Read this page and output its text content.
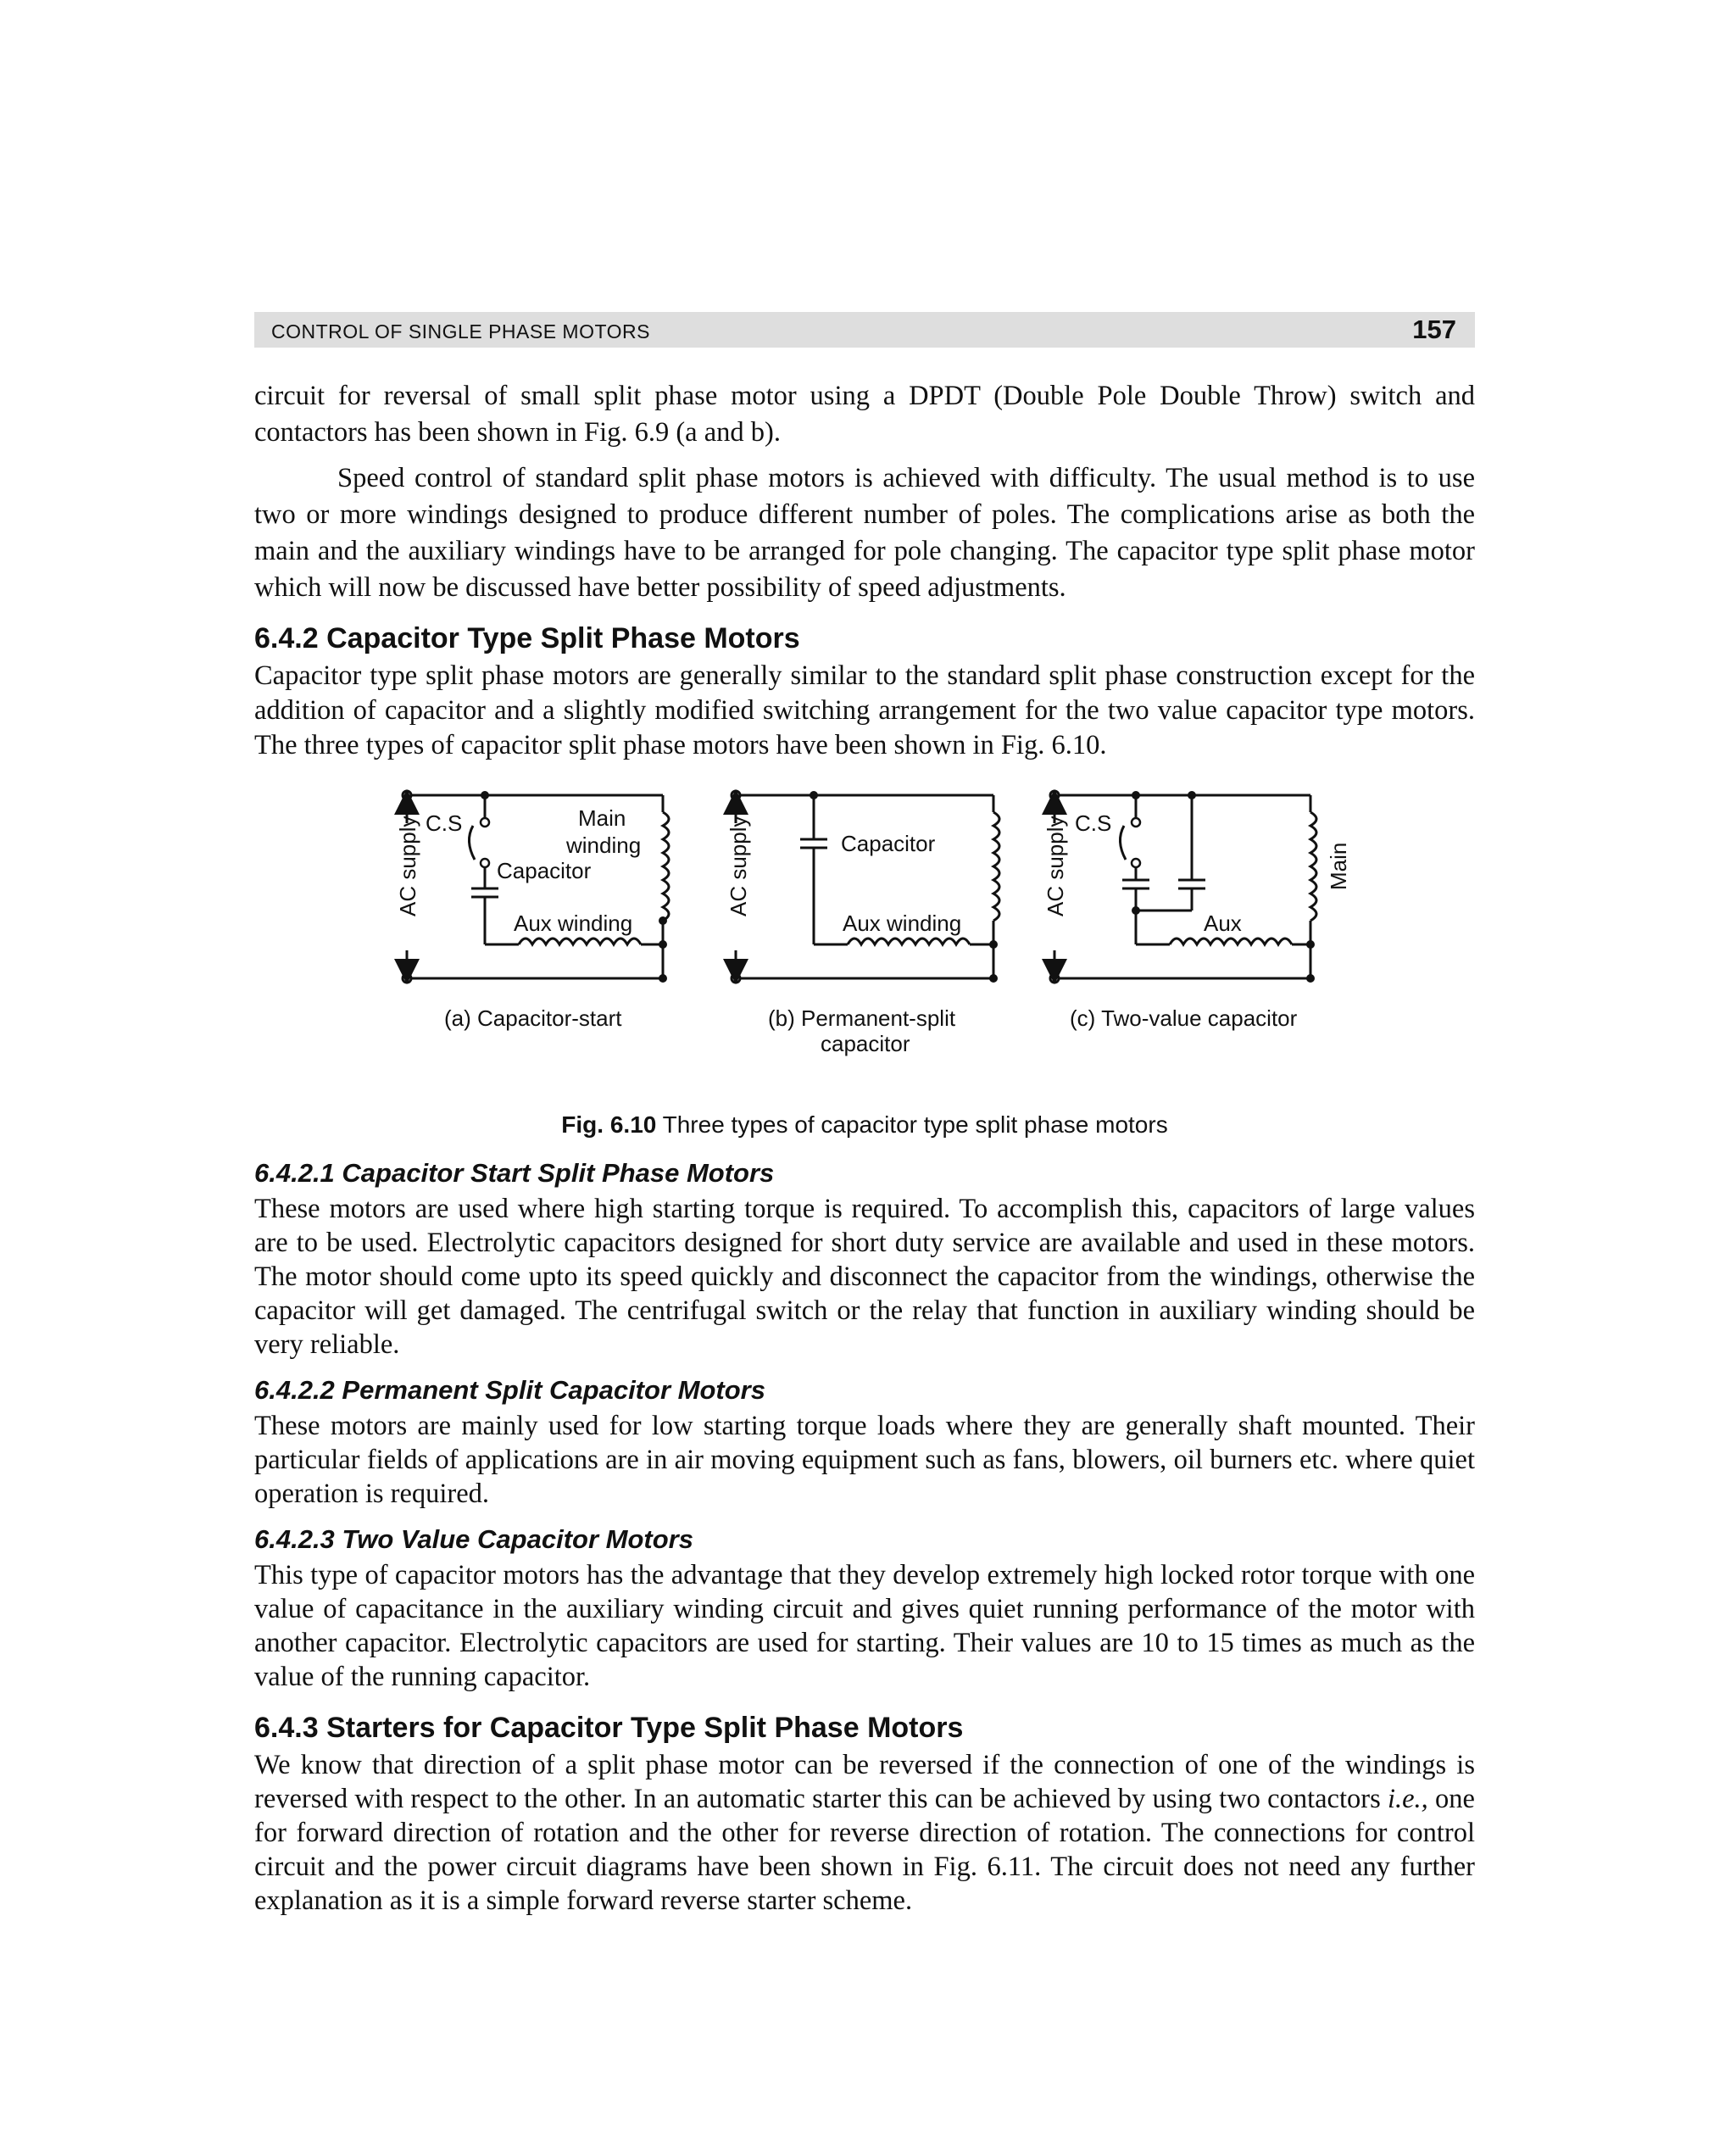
CONTROL OF SINGLE PHASE MOTORS	157

circuit for reversal of small split phase motor using a DPDT (Double Pole Double Throw) switch and contactors has been shown in Fig. 6.9 (a and b).

Speed control of standard split phase motors is achieved with difficulty. The usual method is to use two or more windings designed to produce different number of poles. The complications arise as both the main and the auxiliary windings have to be arranged for pole changing. The capacitor type split phase motor which will now be discussed have better possibility of speed adjustments.

6.4.2 Capacitor Type Split Phase Motors

Capacitor type split phase motors are generally similar to the standard split phase construction except for the addition of capacitor and a slightly modified switching arrangement for the two value capacitor type motors. The three types of capacitor split phase motors have been shown in Fig. 6.10.

AC supply C.S
Capacitor
Aux winding
Main
winding
(a) Capacitor-start
AC supply	Capacitor
Aux winding
(b) Permanent-split
capacitor
AC supply	Main
C.S
Aux
(c) Two-value capacitor
Fig. 6.10 Three types of capacitor type split phase motors
6.4.2.1 Capacitor Start Split Phase Motors

These motors are used where high starting torque is required. To accomplish this, capacitors of large values are to be used. Electrolytic capacitors designed for short duty service are available and used in these motors. The motor should come upto its speed quickly and disconnect the capacitor from the windings, otherwise the capacitor will get damaged. The centrifugal switch or the relay that function in auxiliary winding should be very reliable.

6.4.2.2 Permanent Split Capacitor Motors

These motors are mainly used for low starting torque loads where they are generally shaft mounted. Their particular fields of applications are in air moving equipment such as fans, blowers, oil burners etc. where quiet operation is required.

6.4.2.3 Two Value Capacitor Motors

This type of capacitor motors has the advantage that they develop extremely high locked rotor torque with one value of capacitance in the auxiliary winding circuit and gives quiet running performance of the motor with another capacitor. Electrolytic capacitors are used for starting. Their values are 10 to 15 times as much as the value of the running capacitor.

6.4.3 Starters for Capacitor Type Split Phase Motors

We know that direction of a split phase motor can be reversed if the connection of one of the windings is reversed with respect to the other. In an automatic starter this can be achieved by using two contactors i.e., one for forward direction of rotation and the other for reverse direction of rotation. The connections for control circuit and the power circuit diagrams have been shown in Fig. 6.11. The circuit does not need any further explanation as it is a simple forward reverse starter scheme.
